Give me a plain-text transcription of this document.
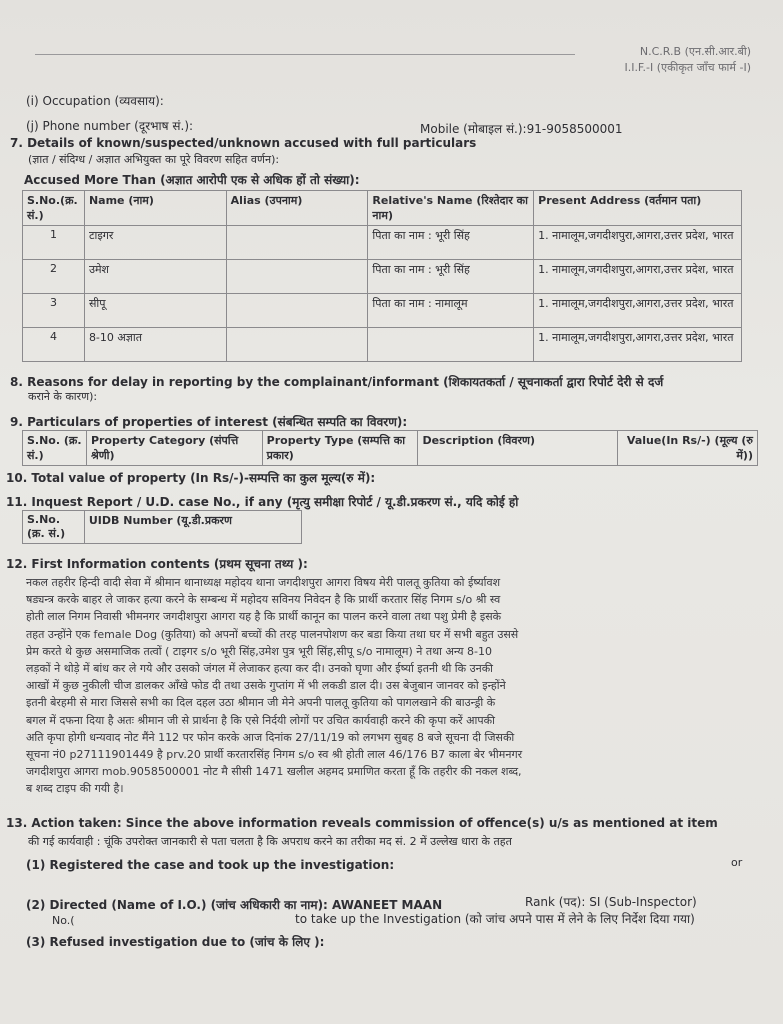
N.C.R.B (एन.सी.आर.बी)
I.I.F.-I (एकीकृत जाँच फार्म -I)
(i) Occupation (व्यवसाय):
(j) Phone number (दूरभाष सं.):	Mobile (मोबाइल सं.):91-9058500001
7. Details of known/suspected/unknown accused with full particulars
(ज्ञात / संदिग्ध / अज्ञात अभियुक्त का पूरे विवरण सहित वर्णन):
Accused More Than (अज्ञात आरोपी एक से अधिक हों तो संख्या):
S.No.(क्र. सं.)	Name (नाम)	Alias (उपनाम)	Relative's Name (रिश्तेदार का नाम)	Present Address (वर्तमान पता)
1	टाइगर		पिता का नाम : भूरी सिंह	1. नामालूम,जगदीशपुरा,आगरा,उत्तर प्रदेश, भारत
2	उमेश		पिता का नाम : भूरी सिंह	1. नामालूम,जगदीशपुरा,आगरा,उत्तर प्रदेश, भारत
3	सीपू		पिता का नाम : नामालूम	1. नामालूम,जगदीशपुरा,आगरा,उत्तर प्रदेश, भारत
4	8-10 अज्ञात			1. नामालूम,जगदीशपुरा,आगरा,उत्तर प्रदेश, भारत
8. Reasons for delay in reporting by the complainant/informant (शिकायतकर्ता / सूचनाकर्ता द्वारा रिपोर्ट देरी से दर्ज
कराने के कारण):
9. Particulars of properties of interest (संबन्धित सम्पति का विवरण):
S.No. (क्र. सं.)	Property Category (संपत्ति श्रेणी)	Property Type (सम्पत्ति का प्रकार)	Description (विवरण)	Value(In Rs/-) (मूल्य (रु में))
10. Total value of property (In Rs/-)-सम्पत्ति का कुल मूल्य(रु में):
11. Inquest Report / U.D. case No., if any (मृत्यु समीक्षा रिपोर्ट / यू.डी.प्रकरण सं., यदि कोई हो
S.No. (क्र. सं.)	UIDB Number (यू.डी.प्रकरण
12. First Information contents (प्रथम सूचना तथ्य ):

नकल तहरीर हिन्दी वादी सेवा में श्रीमान थानाध्यक्ष महोदय थाना जगदीशपुरा आगरा विषय मेरी पालतू कुतिया को ईर्ष्यावश

षड्यन्त्र करके बाहर ले जाकर हत्या करने के सम्बन्ध में महोदय सविनय निवेदन है कि प्रार्थी करतार सिंह निगम s/o श्री स्व

होती लाल निगम निवासी भीमनगर जगदीशपुरा आगरा यह है कि प्रार्थी कानून का पालन करने वाला तथा पशु प्रेमी है इसके

तहत उन्होंने एक female Dog (कुतिया) को अपनों बच्चों की तरह पालनपोशण कर बडा किया तथा घर में सभी बहुत उससे

प्रेम करते थे कुछ असमाजिक तत्वों ( टाइगर s/o भूरी सिंह,उमेश पुत्र भूरी सिंह,सीपू s/o नामालूम) ने तथा अन्य 8-10

लड़कों ने थोड़े में बांध कर ले गये और उसको जंगल में लेजाकर हत्या कर दी। उनको घृणा और ईर्ष्या इतनी थी कि उनकी

आखों में कुछ नुकीली चीज डालकर आँखे फोड दी तथा उसके गुप्तांग में भी लकडी डाल दी। उस बेजुबान जानवर को इन्होंने

इतनी बेरहमी से मारा जिससे सभी का दिल दहल उठा श्रीमान जी मेने अपनी पालतू कुतिया को पागलखाने की बाउन्ड्री के

बगल में दफना दिया है अतः श्रीमान जी से प्रार्थना है कि एसे निर्दयी लोगों पर उचित कार्यवाही करने की कृपा करें आपकी

अति कृपा होगी धन्यवाद नोट मैंने 112 पर फोन करके आज दिनांक 27/11/19 को लगभग सुबह 8 बजे सूचना दी जिसकी

सूचना नं0 p27111901449 है prv.20 प्रार्थी करतारसिंह निगम s/o स्व श्री होती लाल 46/176 B7 काला बेर भीमनगर

जगदीशपुरा आगरा mob.9058500001 नोट मै सीसी 1471 खलील अहमद प्रमाणित करता हूँ कि तहरीर की नकल शब्द,

ब शब्द टाइप की गयी है।

13. Action taken: Since the above information reveals commission of offence(s) u/s as mentioned at item
की गई कार्यवाही : चूंकि उपरोक्त जानकारी से पता चलता है कि अपराध करने का तरीका मद सं. 2 में उल्लेख धारा के तहत
(1) Registered the case and took up the investigation:	or
(2) Directed (Name of I.O.) (जांच अधिकारी का नाम): AWANEET MAAN	Rank (पद): SI (Sub-Inspector)
No.(	to take up the Investigation (को जांच अपने पास में लेने के लिए निर्देश दिया गया)
(3) Refused investigation due to (जांच के लिए ):
